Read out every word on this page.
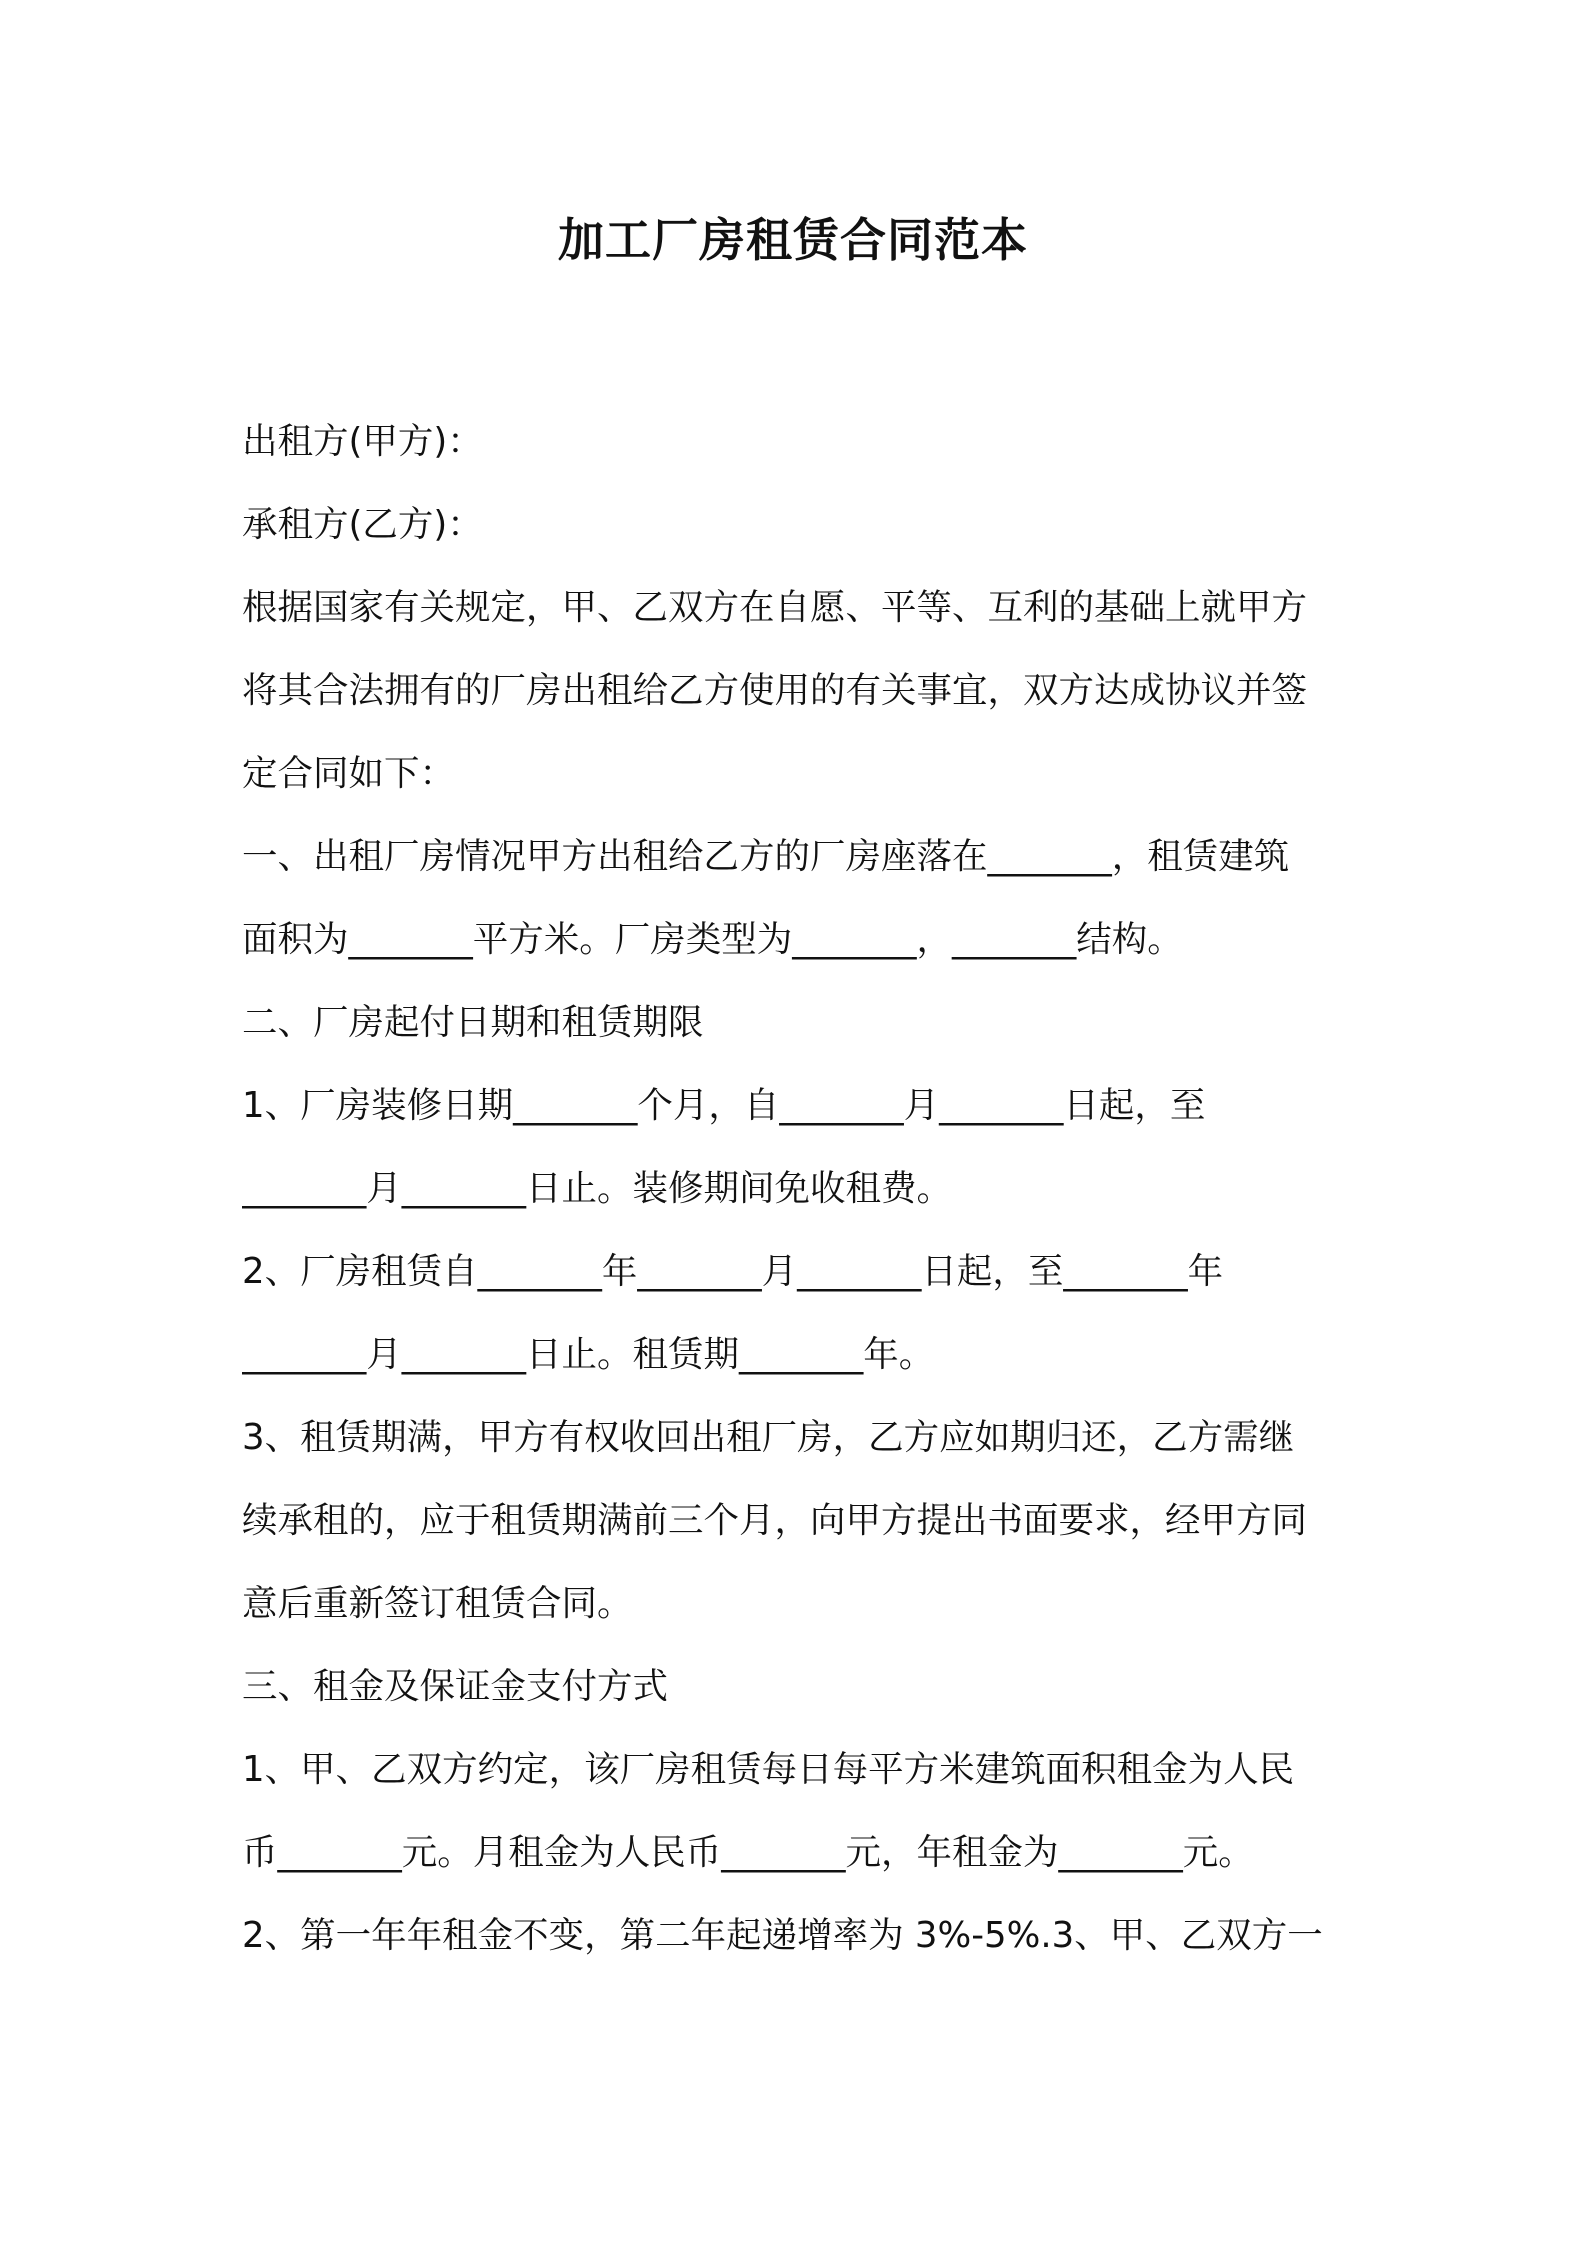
加工厂房租赁合同范本
出租方(甲方)：
承租方(乙方)：
根据国家有关规定，甲、乙双方在自愿、平等、互利的基础上就甲方
将其合法拥有的厂房出租给乙方使用的有关事宜，双方达成协议并签
定合同如下：
一、出租厂房情况甲方出租给乙方的厂房座落在_______，租赁建筑
面积为_______平方米。厂房类型为_______，_______结构。
二、厂房起付日期和租赁期限
1、厂房装修日期_______个月，自_______月_______日起，至
_______月_______日止。装修期间免收租费。
2、厂房租赁自_______年_______月_______日起，至_______年
_______月_______日止。租赁期_______年。
3、租赁期满，甲方有权收回出租厂房，乙方应如期归还，乙方需继
续承租的，应于租赁期满前三个月，向甲方提出书面要求，经甲方同
意后重新签订租赁合同。
三、租金及保证金支付方式
1、甲、乙双方约定，该厂房租赁每日每平方米建筑面积租金为人民
币_______元。月租金为人民币_______元，年租金为_______元。
2、第一年年租金不变，第二年起递增率为 3%-5%.3、甲、乙双方一
